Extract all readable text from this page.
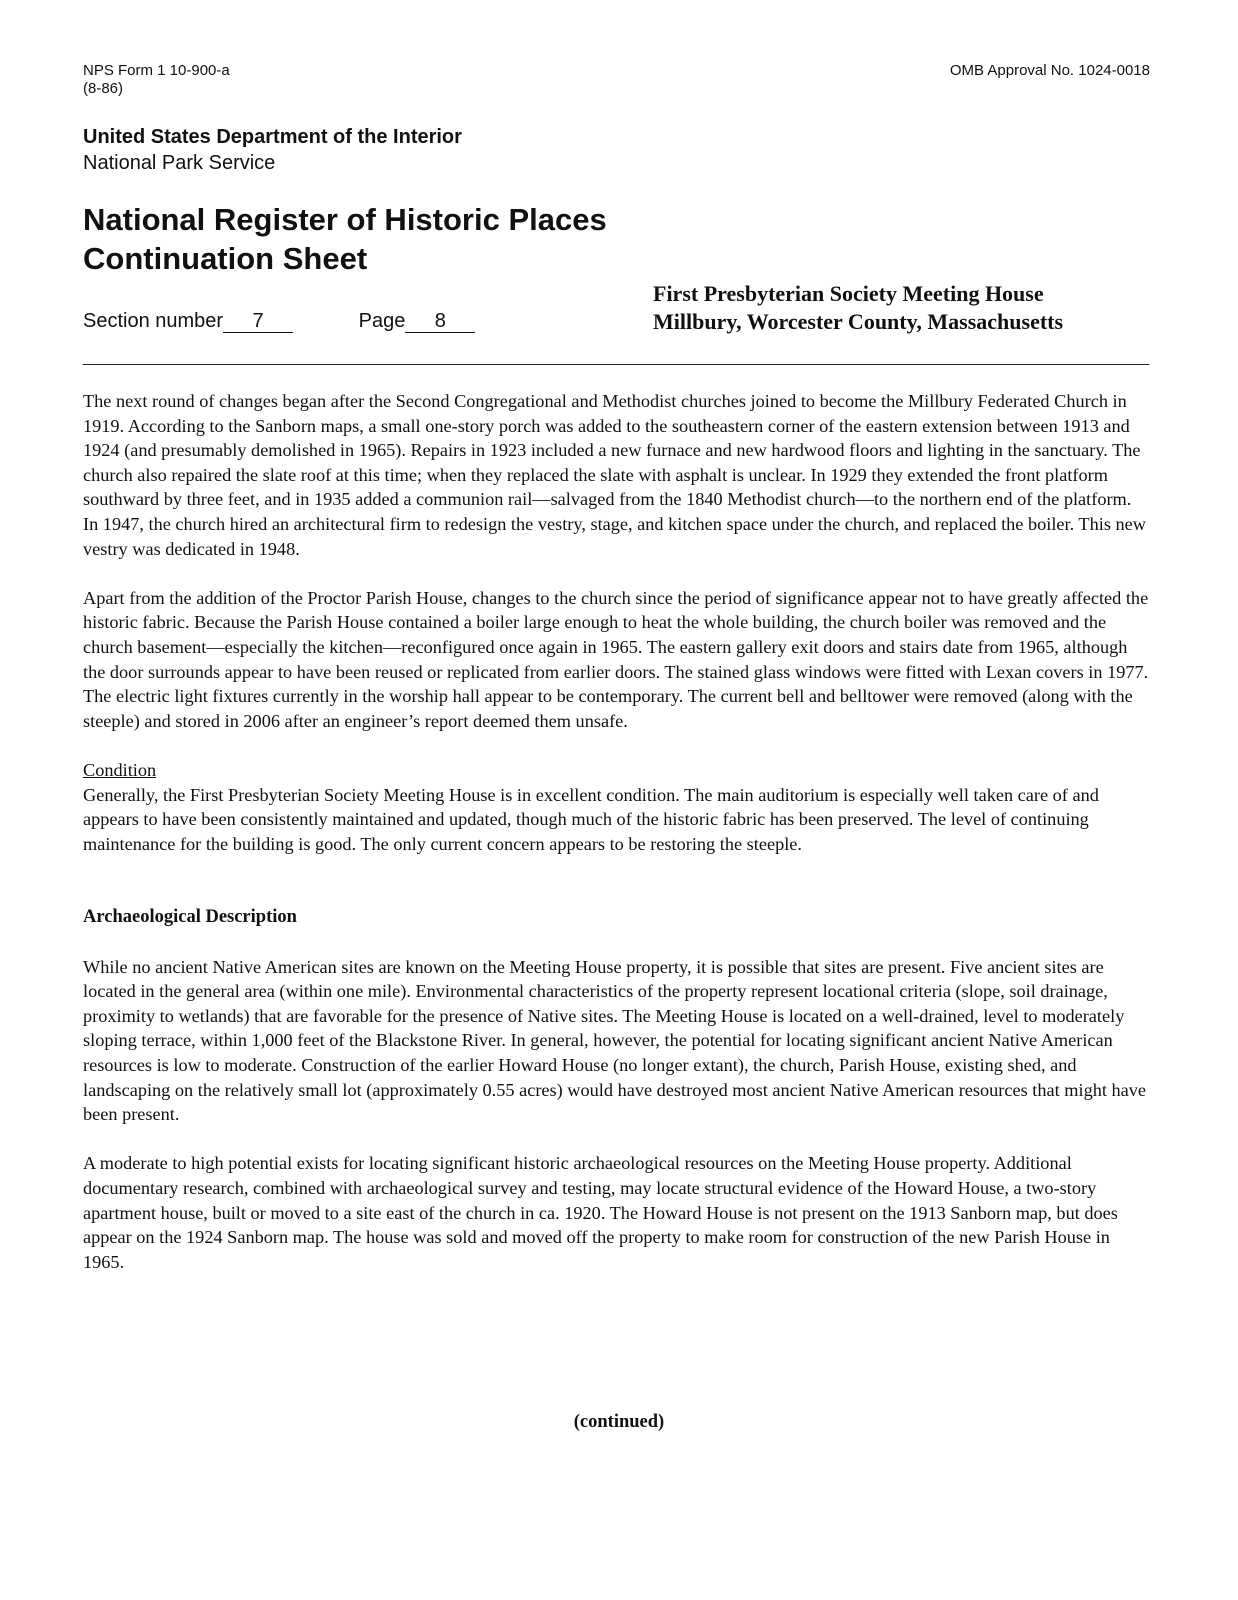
NPS Form 1 10-900-a
(8-86)
OMB Approval No. 1024-0018
United States Department of the Interior
National Park Service
National Register of Historic Places
Continuation Sheet
Section number 7	Page 8
First Presbyterian Society Meeting House
Millbury, Worcester County, Massachusetts

The next round of changes began after the Second Congregational and Methodist churches joined to become the Millbury Federated Church in 1919. According to the Sanborn maps, a small one-story porch was added to the southeastern corner of the eastern extension between 1913 and 1924 (and presumably demolished in 1965). Repairs in 1923 included a new furnace and new hardwood floors and lighting in the sanctuary. The church also repaired the slate roof at this time; when they replaced the slate with asphalt is unclear. In 1929 they extended the front platform southward by three feet, and in 1935 added a communion rail—salvaged from the 1840 Methodist church—to the northern end of the platform. In 1947, the church hired an architectural firm to redesign the vestry, stage, and kitchen space under the church, and replaced the boiler. This new vestry was dedicated in 1948.

Apart from the addition of the Proctor Parish House, changes to the church since the period of significance appear not to have greatly affected the historic fabric. Because the Parish House contained a boiler large enough to heat the whole building, the church boiler was removed and the church basement—especially the kitchen—reconfigured once again in 1965. The eastern gallery exit doors and stairs date from 1965, although the door surrounds appear to have been reused or replicated from earlier doors. The stained glass windows were fitted with Lexan covers in 1977. The electric light fixtures currently in the worship hall appear to be contemporary. The current bell and belltower were removed (along with the steeple) and stored in 2006 after an engineer’s report deemed them unsafe.

Condition

Generally, the First Presbyterian Society Meeting House is in excellent condition. The main auditorium is especially well taken care of and appears to have been consistently maintained and updated, though much of the historic fabric has been preserved. The level of continuing maintenance for the building is good. The only current concern appears to be restoring the steeple.

Archaeological Description

While no ancient Native American sites are known on the Meeting House property, it is possible that sites are present. Five ancient sites are located in the general area (within one mile). Environmental characteristics of the property represent locational criteria (slope, soil drainage, proximity to wetlands) that are favorable for the presence of Native sites. The Meeting House is located on a well-drained, level to moderately sloping terrace, within 1,000 feet of the Blackstone River. In general, however, the potential for locating significant ancient Native American resources is low to moderate. Construction of the earlier Howard House (no longer extant), the church, Parish House, existing shed, and landscaping on the relatively small lot (approximately 0.55 acres) would have destroyed most ancient Native American resources that might have been present.

A moderate to high potential exists for locating significant historic archaeological resources on the Meeting House property. Additional documentary research, combined with archaeological survey and testing, may locate structural evidence of the Howard House, a two-story apartment house, built or moved to a site east of the church in ca. 1920. The Howard House is not present on the 1913 Sanborn map, but does appear on the 1924 Sanborn map. The house was sold and moved off the property to make room for construction of the new Parish House in 1965.

(continued)
